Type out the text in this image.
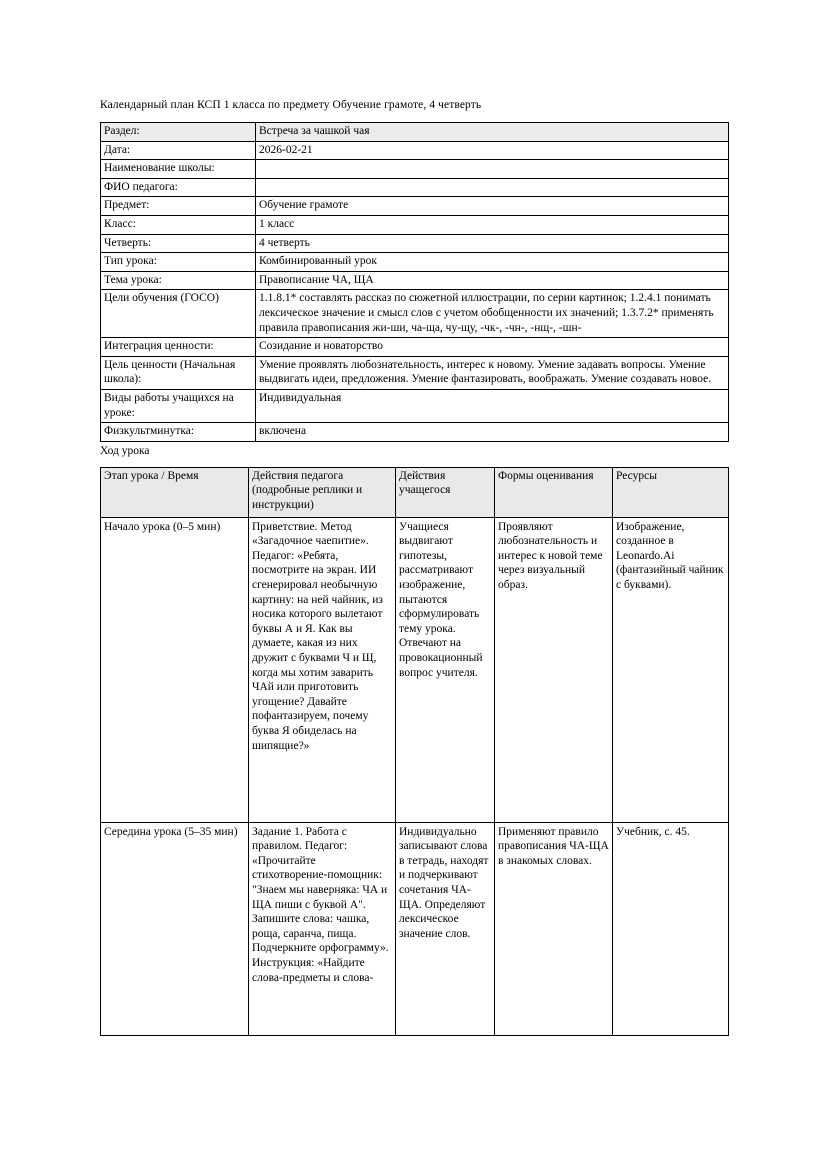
Календарный план КСП 1 класса по предмету Обучение грамоте, 4 четверть

Раздел:	Встреча за чашкой чая
Дата:	2026-02-21
Наименование школы:	
ФИО педагога:	
Предмет:	Обучение грамоте
Класс:	1 класс
Четверть:	4 четверть
Тип урока:	Комбинированный урок
Тема урока:	Правописание ЧА, ЩА
Цели обучения (ГОСО)	1.1.8.1* составлять рассказ по сюжетной иллюстрации, по серии картинок; 1.2.4.1 понимать лексическое значение и смысл слов с учетом обобщенности их значений; 1.3.7.2* применять правила правописания жи-ши, ча-ща, чу-щу, -чк-, -чн-, -нщ-, -шн-
Интеграция ценности:	Созидание и новаторство
Цель ценности (Начальная школа):	Умение проявлять любознательность, интерес к новому. Умение задавать вопросы. Умение выдвигать идеи, предложения. Умение фантазировать, воображать. Умение создавать новое.
Виды работы учащихся на уроке:	Индивидуальная
Физкультминутка:	включена

Ход урока

Этап урока / Время	Действия педагога (подробные реплики и инструкции)	Действия учащегося	Формы оценивания	Ресурсы
Начало урока (0–5 мин)	Приветствие. Метод «Загадочное чаепитие». Педагог: «Ребята, посмотрите на экран. ИИ сгенерировал необычную картину: на ней чайник, из носика которого вылетают буквы А и Я. Как вы думаете, какая из них дружит с буквами Ч и Щ, когда мы хотим заварить ЧАй или приготовить угощение? Давайте пофантазируем, почему буква Я обиделась на шипящие?»	Учащиеся выдвигают гипотезы, рассматривают изображение, пытаются сформулировать тему урока. Отвечают на провокационный вопрос учителя.	Проявляют любознательность и интерес к новой теме через визуальный образ.	Изображение, созданное в Leonardo.Ai (фантазийный чайник с буквами).
Середина урока (5–35 мин)	Задание 1. Работа с правилом. Педагог: «Прочитайте стихотворение-помощник: "Знаем мы наверняка: ЧА и ЩА пиши с буквой А". Запишите слова: чашка, роща, саранча, пища. Подчеркните орфограмму». Инструкция: «Найдите слова-предметы и слова-	Индивидуально записывают слова в тетрадь, находят и подчеркивают сочетания ЧА-ЩА. Определяют лексическое значение слов.	Применяют правило правописания ЧА-ЩА в знакомых словах.	Учебник, с. 45.
